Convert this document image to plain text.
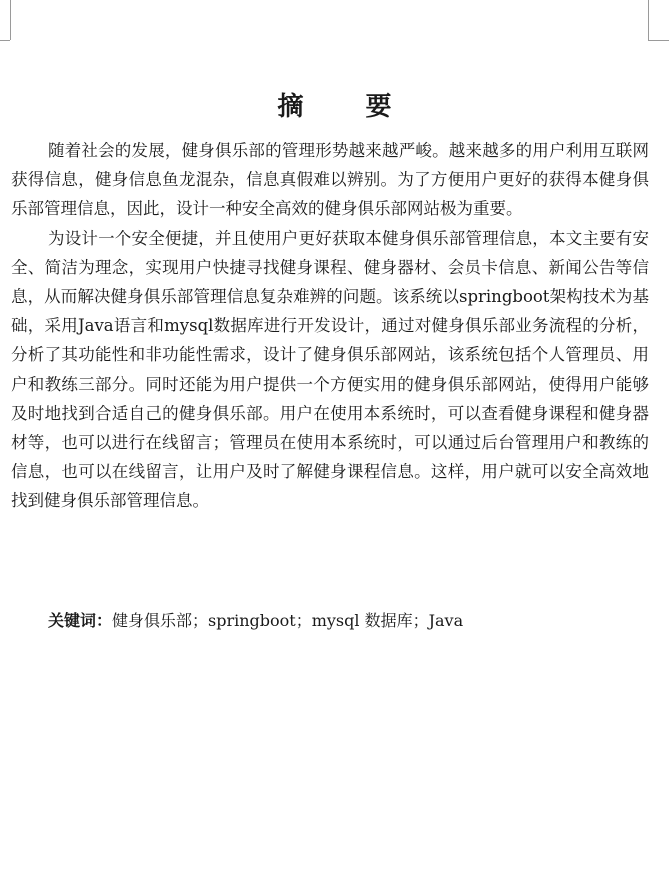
摘　要

随着社会的发展，健身俱乐部的管理形势越来越严峻。越来越多的用户利用互联网获得信息，健身信息鱼龙混杂，信息真假难以辨别。为了方便用户更好的获得本健身俱乐部管理信息，因此，设计一种安全高效的健身俱乐部网站极为重要。

为设计一个安全便捷，并且使用户更好获取本健身俱乐部管理信息，本文主要有安全、简洁为理念，实现用户快捷寻找健身课程、健身器材、会员卡信息、新闻公告等信息，从而解决健身俱乐部管理信息复杂难辨的问题。该系统以springboot架构技术为基础，采用Java语言和mysql数据库进行开发设计，通过对健身俱乐部业务流程的分析，分析了其功能性和非功能性需求，设计了健身俱乐部网站，该系统包括个人管理员、用户和教练三部分。同时还能为用户提供一个方便实用的健身俱乐部网站，使得用户能够及时地找到合适自己的健身俱乐部。用户在使用本系统时，可以查看健身课程和健身器材等，也可以进行在线留言；管理员在使用本系统时，可以通过后台管理用户和教练的信息，也可以在线留言，让用户及时了解健身课程信息。这样，用户就可以安全高效地找到健身俱乐部管理信息。

关键词：健身俱乐部；springboot；mysql 数据库；Java
